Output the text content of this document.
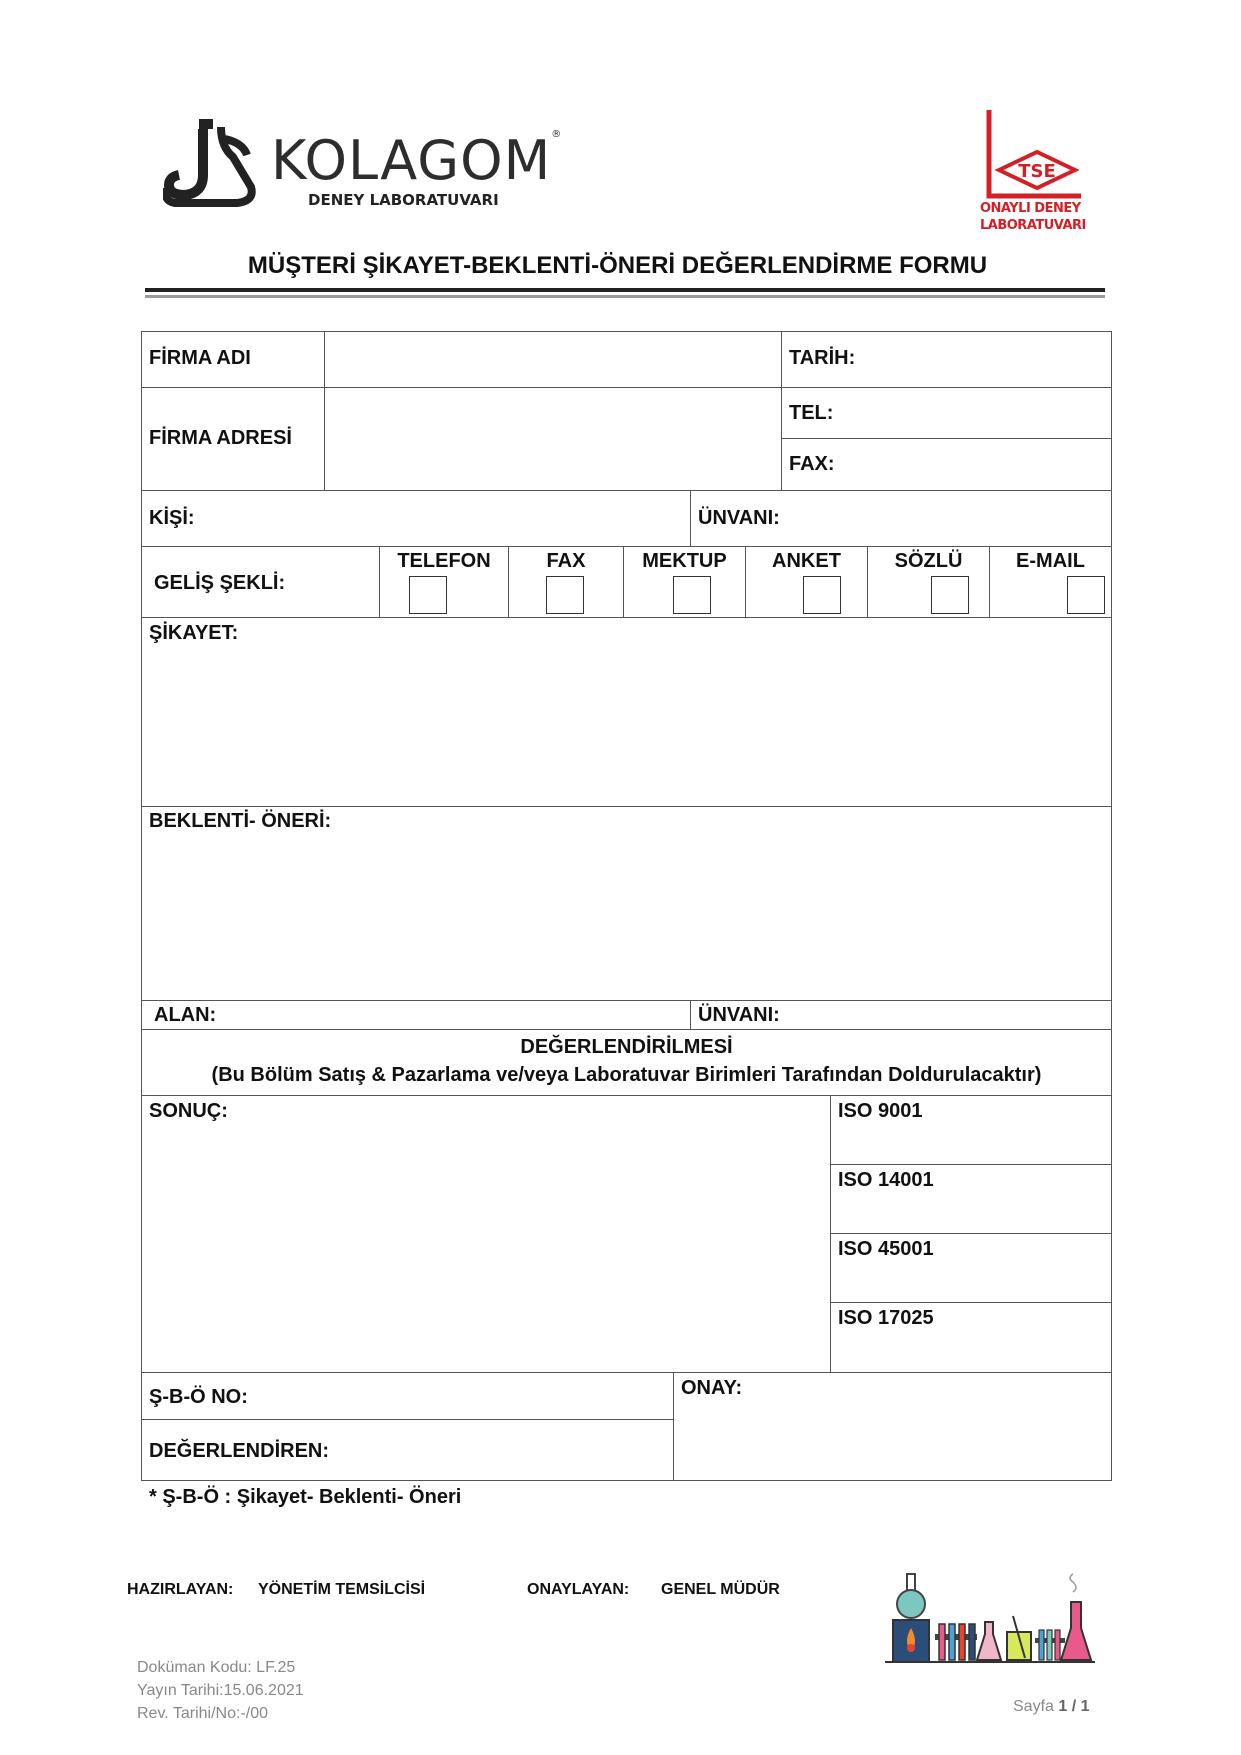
KOLAGOM®
DENEY LABORATUVARI
TSE
ONAYLI DENEY
LABORATUVARI
MÜŞTERİ ŞİKAYET-BEKLENTİ-ÖNERİ DEĞERLENDİRME FORMU
FİRMA ADI	TARİH:
FİRMA ADRESİ
TEL:
FAX:
KİŞİ:	ÜNVANI:
GELİŞ ŞEKLİ:
TELEFON	FAX	MEKTUP	ANKET	SÖZLÜ	E-MAIL
ŞİKAYET:
BEKLENTİ- ÖNERİ:
ALAN:	ÜNVANI:
DEĞERLENDİRİLMESİ
(Bu Bölüm Satış & Pazarlama ve/veya Laboratuvar Birimleri Tarafından Doldurulacaktır)
SONUÇ:	ISO 9001
ISO 14001
ISO 45001
ISO 17025
Ş-B-Ö NO:
DEĞERLENDİREN:
ONAY:
* Ş-B-Ö : Şikayet- Beklenti- Öneri
HAZIRLAYAN: YÖNETİM TEMSİLCİSİ	ONAYLAYAN: GENEL MÜDÜR
Doküman Kodu: LF.25
Yayın Tarihi:15.06.2021
Rev. Tarihi/No:-/00	Sayfa 1 / 1
